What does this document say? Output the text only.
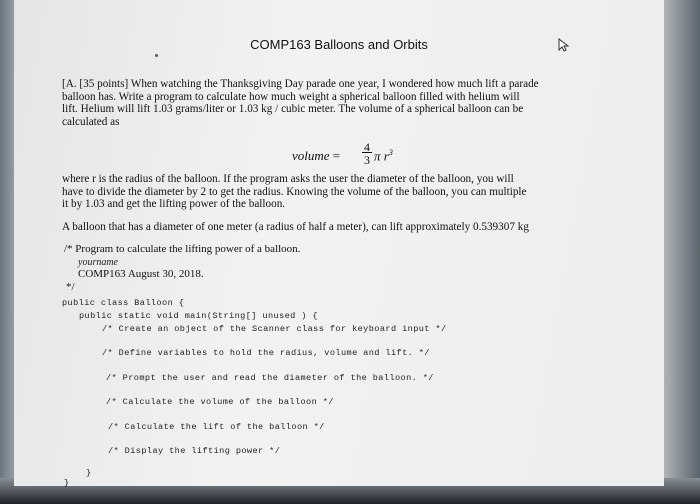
COMP163 Balloons and Orbits
[A. [35 points] When watching the Thanksgiving Day parade one year, I wondered how much lift a parade
balloon has. Write a program to calculate how much weight a spherical balloon filled with helium will
lift. Helium will lift 1.03 grams/liter or 1.03 kg / cubic meter. The volume of a spherical balloon can be
calculated as
volume =
4
3 π $r^3$
where r is the radius of the balloon. If the program asks the user the diameter of the balloon, you will
have to divide the diameter by 2 to get the radius. Knowing the volume of the balloon, you can multiple
it by 1.03 and get the lifting power of the balloon.
A balloon that has a diameter of one meter (a radius of half a meter), can lift approximately 0.539307 kg
/* Program to calculate the lifting power of a balloon.
yourname
COMP163 August 30, 2018.
*/
public class Balloon {
public static void main(String[] unused ) {
/* Create an object of the Scanner class for keyboard input */
/* Define variables to hold the radius, volume and lift. */
/* Prompt the user and read the diameter of the balloon. */
/* Calculate the volume of the balloon */
/* Calculate the lift of the balloon */
/* Display the lifting power */
}
}
